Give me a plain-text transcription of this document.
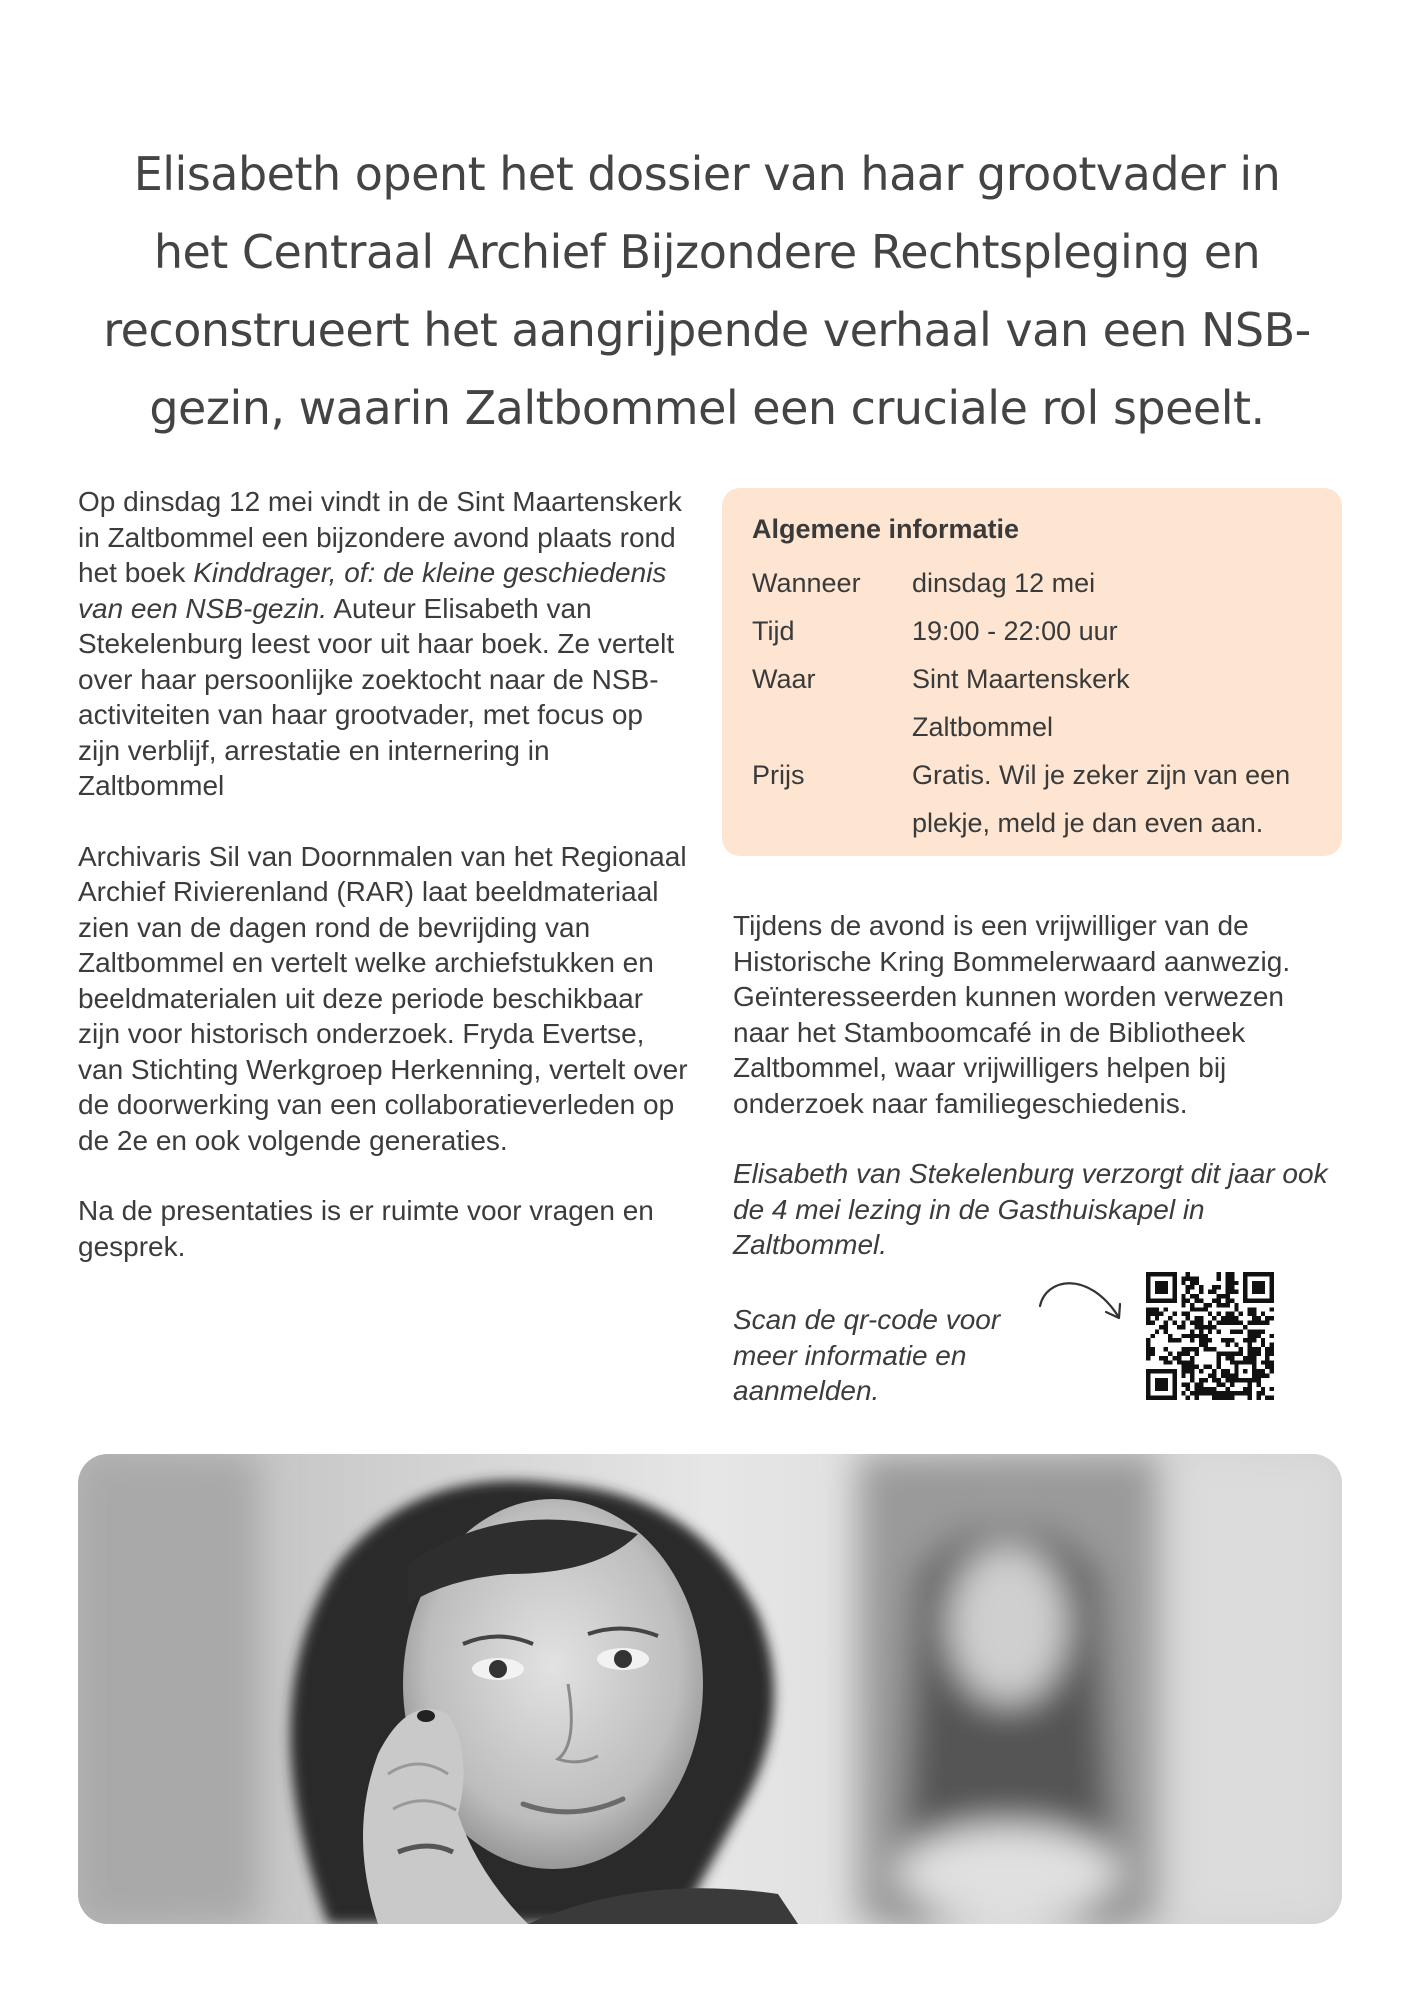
Elisabeth opent het dossier van haar grootvader in
het Centraal Archief Bijzondere Rechtspleging en
reconstrueert het aangrijpende verhaal van een NSB-
gezin, waarin Zaltbommel een cruciale rol speelt.

Op dinsdag 12 mei vindt in de Sint Maartenskerk in Zaltbommel een bijzondere avond plaats rond het boek Kinddrager, of: de kleine geschiedenis van een NSB-gezin. Auteur Elisabeth van Stekelenburg leest voor uit haar boek. Ze vertelt over haar persoonlijke zoektocht naar de NSB-activiteiten van haar grootvader, met focus op zijn verblijf, arrestatie en internering in Zaltbommel

Archivaris Sil van Doornmalen van het Regionaal Archief Rivierenland (RAR) laat beeldmateriaal zien van de dagen rond de bevrijding van Zaltbommel en vertelt welke archiefstukken en beeldmaterialen uit deze periode beschikbaar zijn voor historisch onderzoek. Fryda Evertse, van Stichting Werkgroep Herkenning, vertelt over de doorwerking van een collaboratieverleden op de 2e en ook volgende generaties.

Na de presentaties is er ruimte voor vragen en gesprek.

Algemene informatie
Wanneer	dinsdag 12 mei
Tijd	19:00 - 22:00 uur
Waar	Sint Maartenskerk Zaltbommel
Prijs	Gratis. Wil je zeker zijn van een plekje, meld je dan even aan.

Tijdens de avond is een vrijwilliger van de Historische Kring Bommelerwaard aanwezig. Geïnteresseerden kunnen worden verwezen naar het Stamboomcafé in de Bibliotheek Zaltbommel, waar vrijwilligers helpen bij onderzoek naar familiegeschiedenis.

Elisabeth van Stekelenburg verzorgt dit jaar ook de 4 mei lezing in de Gasthuiskapel in Zaltbommel.

Scan de qr-code voor meer informatie en aanmelden.
